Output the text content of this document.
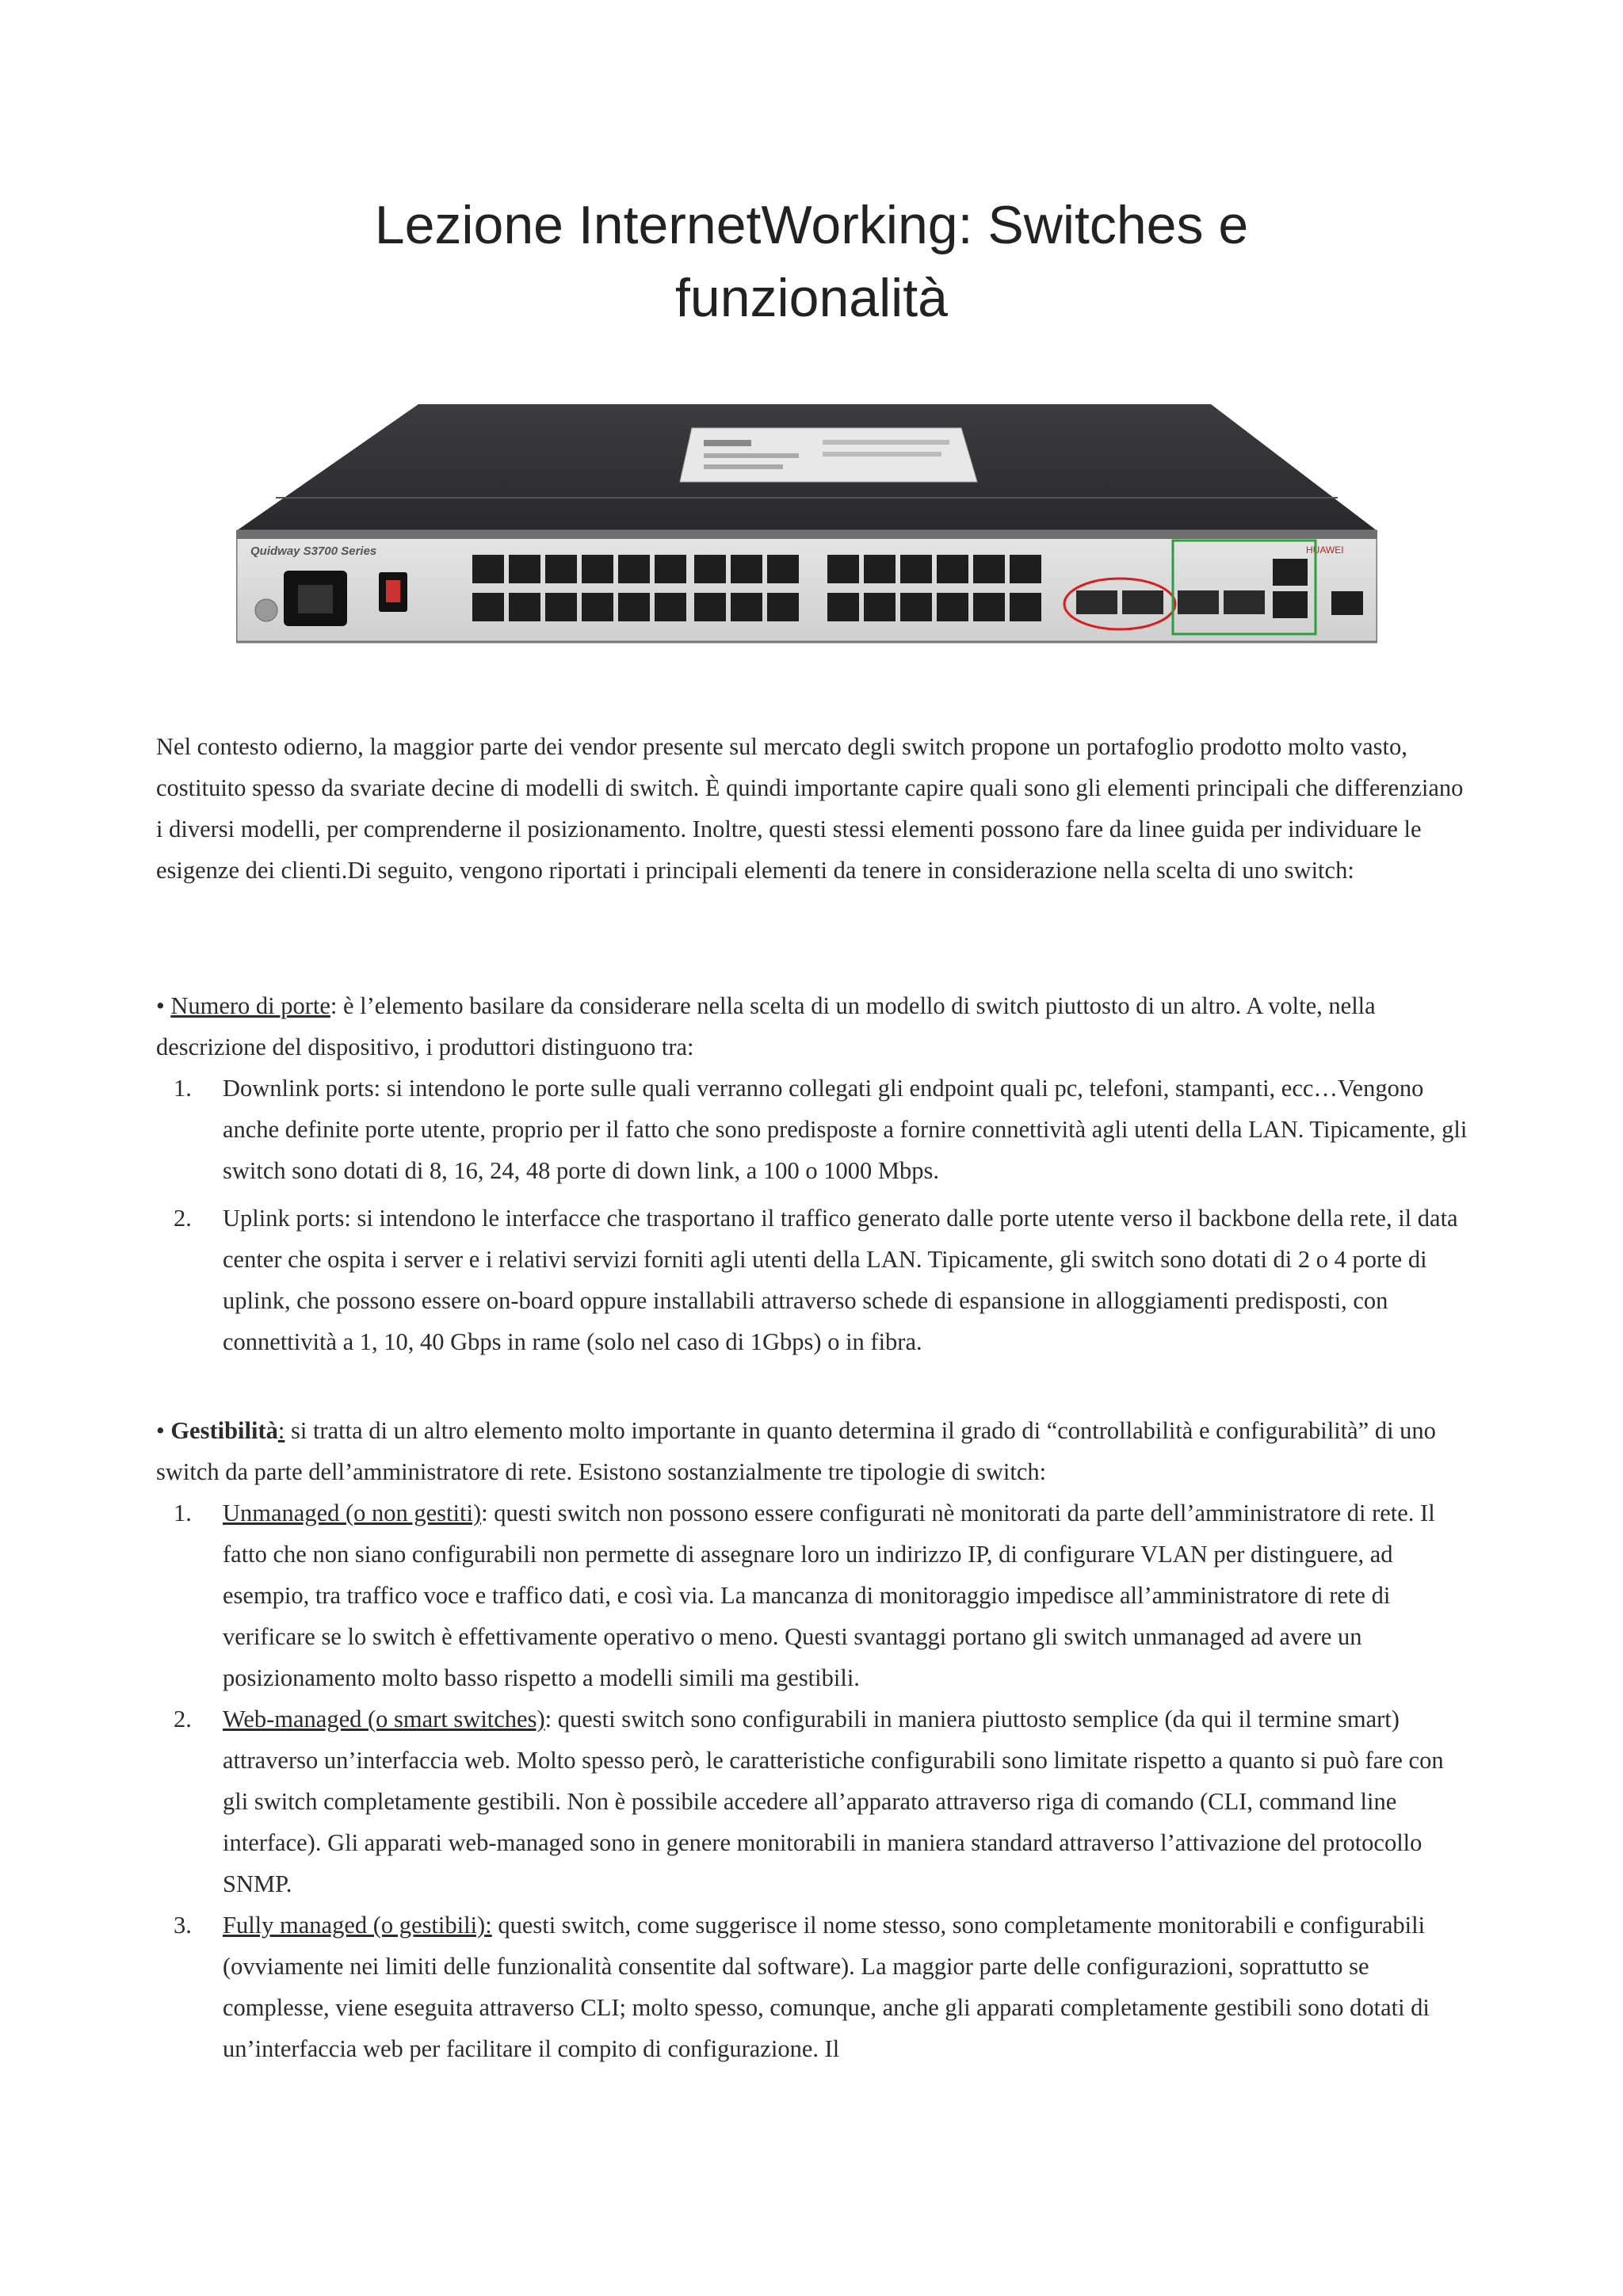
Lezione InternetWorking: Switches e
funzionalità
Quidway S3700 Series	HUAWEI

Nel contesto odierno, la maggior parte dei vendor presente sul mercato degli switch propone un portafoglio prodotto molto vasto, costituito spesso da svariate decine di modelli di switch. È quindi importante capire quali sono gli elementi principali che differenziano i diversi modelli, per comprenderne il posizionamento. Inoltre, questi stessi elementi possono fare da linee guida per individuare le esigenze dei clienti.Di seguito, vengono riportati i principali elementi da tenere in considerazione nella scelta di uno switch:

• Numero di porte: è l’elemento basilare da considerare nella scelta di un modello di switch piuttosto di un altro. A volte, nella descrizione del dispositivo, i produttori distinguono tra:

1. Downlink ports: si intendono le porte sulle quali verranno collegati gli endpoint quali pc, telefoni, stampanti, ecc…Vengono anche definite porte utente, proprio per il fatto che sono predisposte a fornire connettività agli utenti della LAN. Tipicamente, gli switch sono dotati di 8, 16, 24, 48 porte di down link, a 100 o 1000 Mbps.
2. Uplink ports: si intendono le interfacce che trasportano il traffico generato dalle porte utente verso il backbone della rete, il data center che ospita i server e i relativi servizi forniti agli utenti della LAN. Tipicamente, gli switch sono dotati di 2 o 4 porte di uplink, che possono essere on-board oppure installabili attraverso schede di espansione in alloggiamenti predisposti, con connettività a 1, 10, 40 Gbps in rame (solo nel caso di 1Gbps) o in fibra.

• Gestibilità: si tratta di un altro elemento molto importante in quanto determina il grado di “controllabilità e configurabilità” di uno switch da parte dell’amministratore di rete. Esistono sostanzialmente tre tipologie di switch:

1. Unmanaged (o non gestiti): questi switch non possono essere configurati nè monitorati da parte dell’amministratore di rete. Il fatto che non siano configurabili non permette di assegnare loro un indirizzo IP, di configurare VLAN per distinguere, ad esempio, tra traffico voce e traffico dati, e così via. La mancanza di monitoraggio impedisce all’amministratore di rete di verificare se lo switch è effettivamente operativo o meno. Questi svantaggi portano gli switch unmanaged ad avere un posizionamento molto basso rispetto a modelli simili ma gestibili.
2. Web-managed (o smart switches): questi switch sono configurabili in maniera piuttosto semplice (da qui il termine smart) attraverso un’interfaccia web. Molto spesso però, le caratteristiche configurabili sono limitate rispetto a quanto si può fare con gli switch completamente gestibili. Non è possibile accedere all’apparato attraverso riga di comando (CLI, command line interface). Gli apparati web-managed sono in genere monitorabili in maniera standard attraverso l’attivazione del protocollo SNMP.
3. Fully managed (o gestibili): questi switch, come suggerisce il nome stesso, sono completamente monitorabili e configurabili (ovviamente nei limiti delle funzionalità consentite dal software). La maggior parte delle configurazioni, soprattutto se complesse, viene eseguita attraverso CLI; molto spesso, comunque, anche gli apparati completamente gestibili sono dotati di un’interfaccia web per facilitare il compito di configurazione. Il
